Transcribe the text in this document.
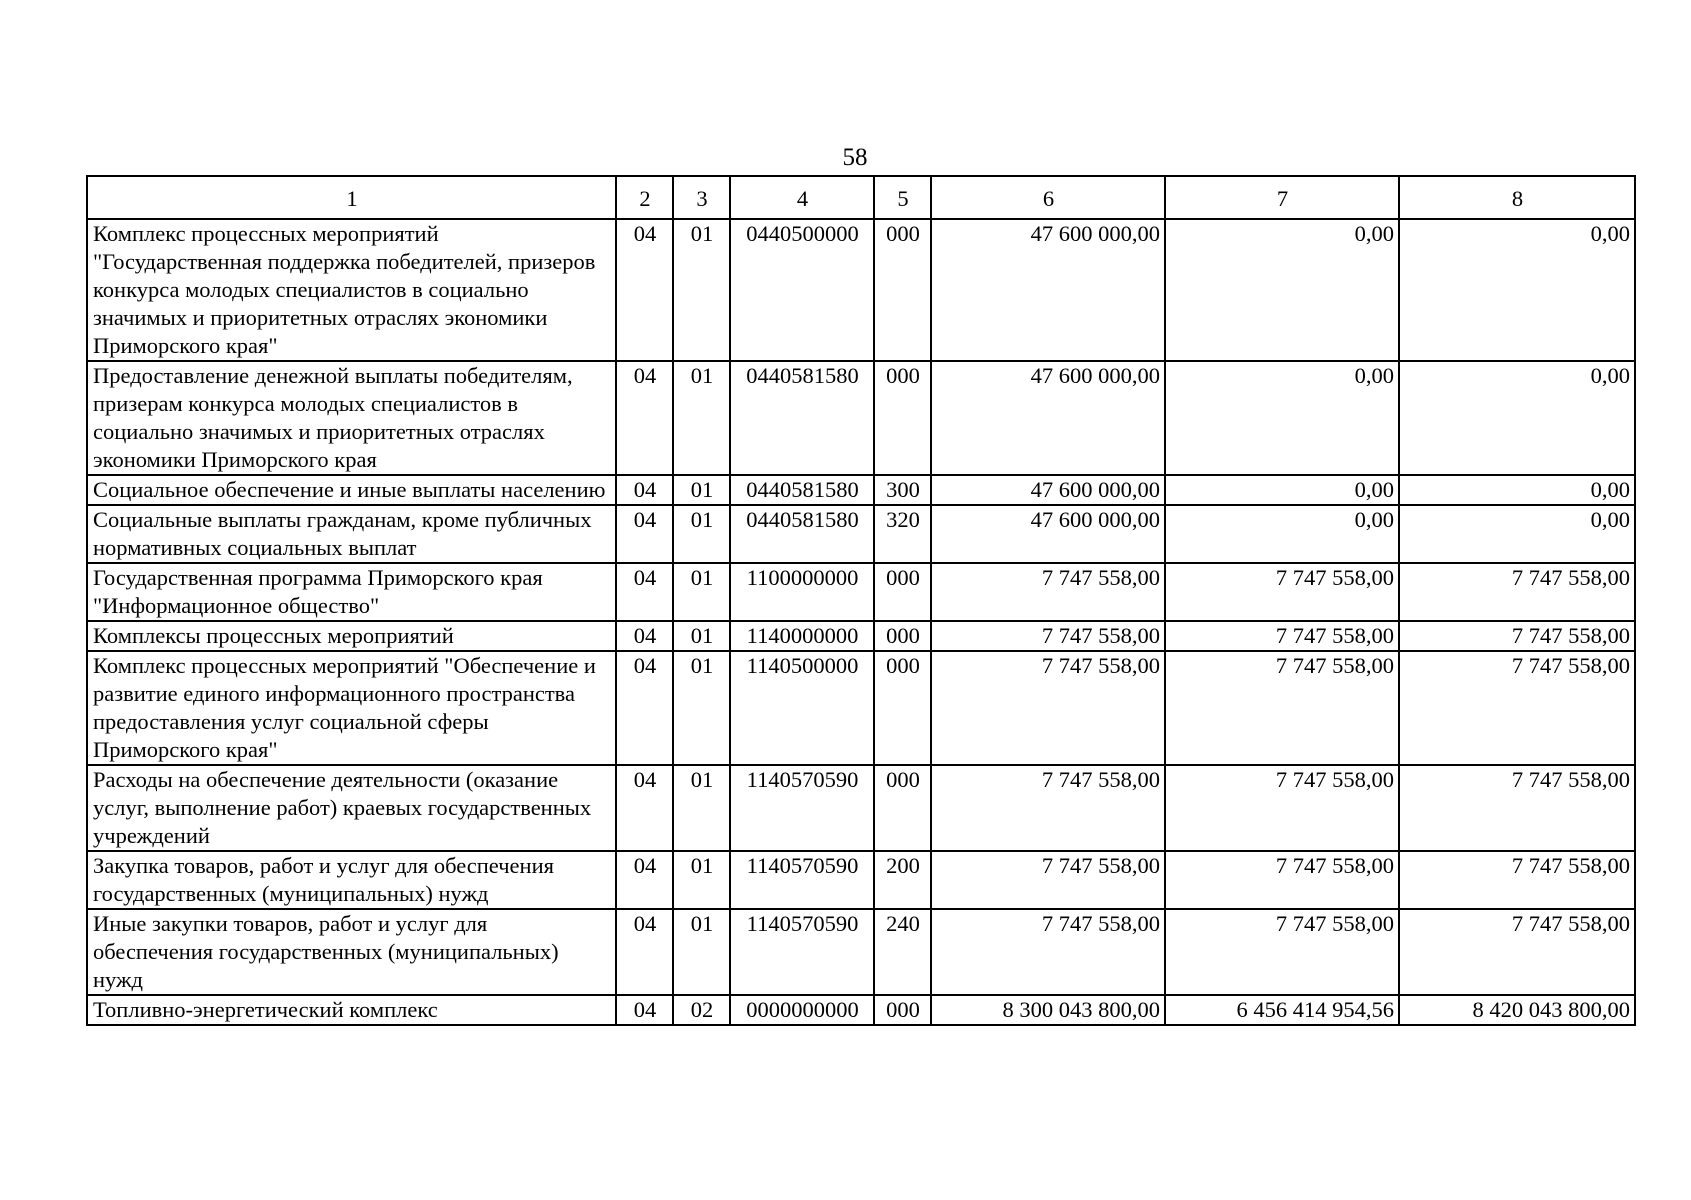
58
1	2	3	4	5	6	7	8
Комплекс процессных мероприятий "Государственная поддержка победителей, призеров конкурса молодых специалистов в социально значимых и приоритетных отраслях экономики Приморского края"	04	01	0440500000	000	47 600 000,00	0,00	0,00
Предоставление денежной выплаты победителям, призерам конкурса молодых специалистов в социально значимых и приоритетных отраслях экономики Приморского края	04	01	0440581580	000	47 600 000,00	0,00	0,00
Социальное обеспечение и иные выплаты населению	04	01	0440581580	300	47 600 000,00	0,00	0,00
Социальные выплаты гражданам, кроме публичных нормативных социальных выплат	04	01	0440581580	320	47 600 000,00	0,00	0,00
Государственная программа Приморского края "Информационное общество"	04	01	1100000000	000	7 747 558,00	7 747 558,00	7 747 558,00
Комплексы процессных мероприятий	04	01	1140000000	000	7 747 558,00	7 747 558,00	7 747 558,00
Комплекс процессных мероприятий "Обеспечение и развитие единого информационного пространства предоставления услуг социальной сферы Приморского края"	04	01	1140500000	000	7 747 558,00	7 747 558,00	7 747 558,00
Расходы на обеспечение деятельности (оказание услуг, выполнение работ) краевых государственных учреждений	04	01	1140570590	000	7 747 558,00	7 747 558,00	7 747 558,00
Закупка товаров, работ и услуг для обеспечения государственных (муниципальных) нужд	04	01	1140570590	200	7 747 558,00	7 747 558,00	7 747 558,00
Иные закупки товаров, работ и услуг для обеспечения государственных (муниципальных) нужд	04	01	1140570590	240	7 747 558,00	7 747 558,00	7 747 558,00
Топливно-энергетический комплекс	04	02	0000000000	000	8 300 043 800,00	6 456 414 954,56	8 420 043 800,00
